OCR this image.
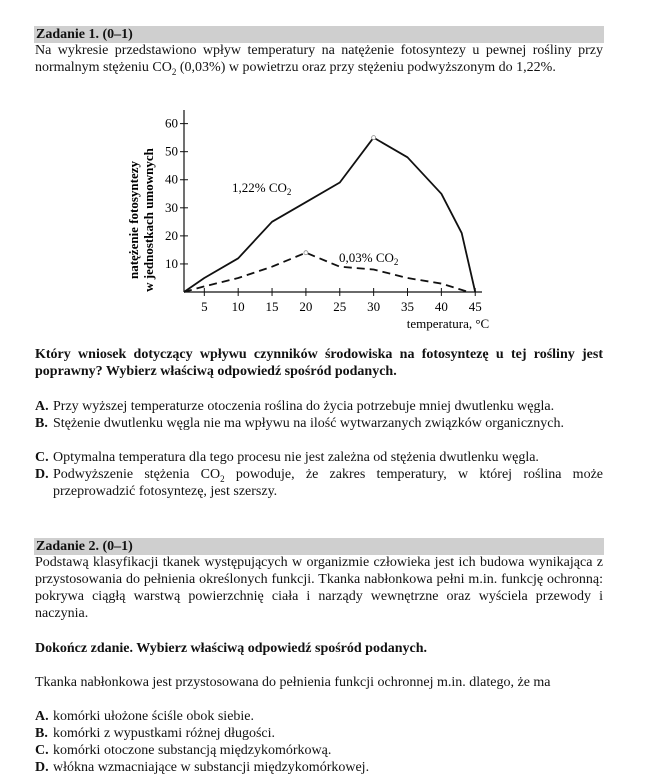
Zadanie 1. (0–1)

Na wykresie przedstawiono wpływ temperatury na natężenie fotosyntezy u pewnej rośliny przy normalnym stężeniu $CO_2$ (0,03%) w powietrzu oraz przy stężeniu podwyższonym do 1,22%.

10
20
30
40
50
60
5 10 15 20 25 30 35 40 45
natężenie fotosyntezy w jednostkach umownych
temperatura, °C
1,22% $CO_2$
0,03% $CO_2$

Który wniosek dotyczący wpływu czynników środowiska na fotosyntezę u tej rośliny jest poprawny? Wybierz właściwą odpowiedź spośród podanych.

A. Przy wyższej temperaturze otoczenia roślina do życia potrzebuje mniej dwutlenku węgla.
B. Stężenie dwutlenku węgla nie ma wpływu na ilość wytwarzanych związków organicznych.
C. Optymalna temperatura dla tego procesu nie jest zależna od stężenia dwutlenku węgla.
D. Podwyższenie stężenia $CO_2$ powoduje, że zakres temperatury, w której roślina może przeprowadzić fotosyntezę, jest szerszy.
Zadanie 2. (0–1)

Podstawą klasyfikacji tkanek występujących w organizmie człowieka jest ich budowa wynikająca z przystosowania do pełnienia określonych funkcji. Tkanka nabłonkowa pełni m.in. funkcję ochronną: pokrywa ciągłą warstwą powierzchnię ciała i narządy wewnętrzne oraz wyściela przewody i naczynia.

Dokończ zdanie. Wybierz właściwą odpowiedź spośród podanych.

Tkanka nabłonkowa jest przystosowana do pełnienia funkcji ochronnej m.in. dlatego, że ma

A. komórki ułożone ściśle obok siebie.
B. komórki z wypustkami różnej długości.
C. komórki otoczone substancją międzykomórkową.
D. włókna wzmacniające w substancji międzykomórkowej.
